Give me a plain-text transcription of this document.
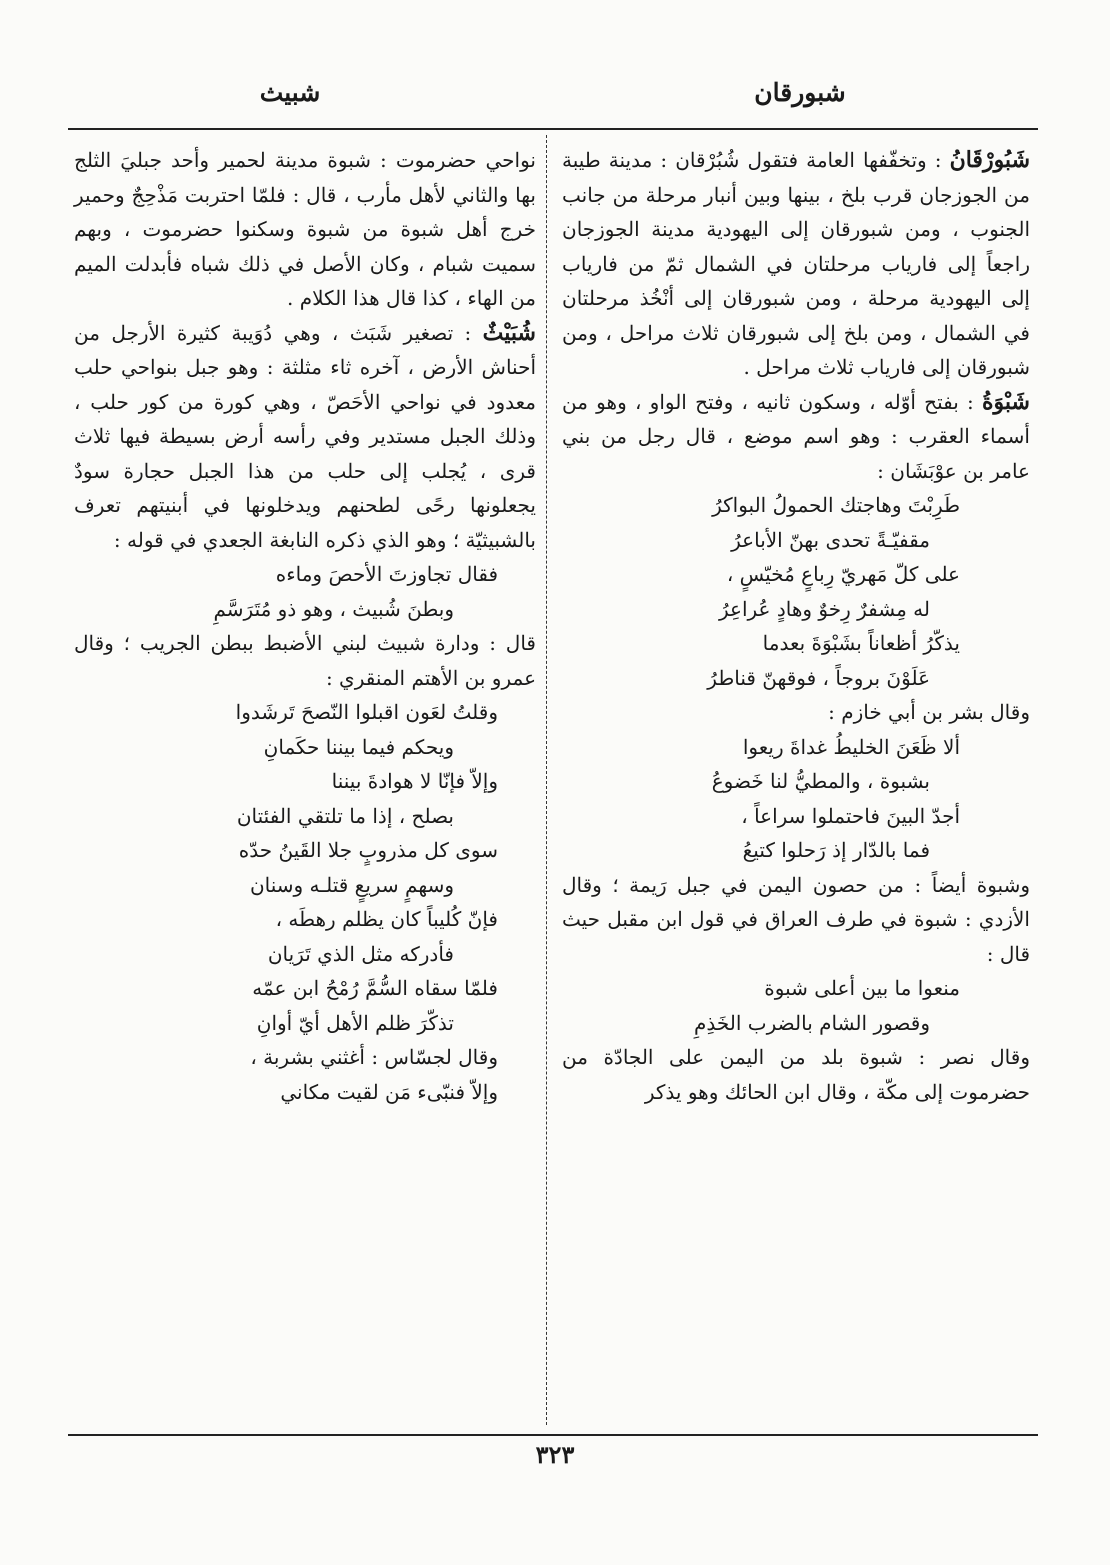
شبورقان
شبيث

شَبُورْقَانُ : وتخفّفها العامة فتقول شُبُرْقان : مدينة طيبة من الجوزجان قرب بلخ ، بينها وبين أنبار مرحلة من جانب الجنوب ، ومن شبورقان إلى اليهودية مدينة الجوزجان راجعاً إلى فارياب مرحلتان في الشمال ثمّ من فارياب إلى اليهودية مرحلة ، ومن شبورقان إلى أنْخُذ مرحلتان في الشمال ، ومن بلخ إلى شبورقان ثلاث مراحل ، ومن شبورقان إلى فارياب ثلاث مراحل .

شَبْوَةُ : بفتح أوّله ، وسكون ثانيه ، وفتح الواو ، وهو من أسماء العقرب : وهو اسم موضع ، قال رجل من بني عامر بن عوْبَشَان :

طَرِبْتَ وهاجتك الحمولُ البواكرُ
مقفيّـةً تحدى بهنّ الأباعرُ
على كلّ مَهريّ رِباعٍ مُخيّسٍ ،
له مِشفرٌ رِخوٌ وهادٍ عُراعِرُ
يذكّرُ أظعاناً بشَبْوَةَ بعدما
عَلَوْنَ بروجاً ، فوقهنّ قناطرُ

وقال بشر بن أبي خازم :

ألا ظَعَنَ الخليطُ غداةَ ريعوا
بشبوة ، والمطيُّ لنا خَضوعُ
أجدّ البينَ فاحتملوا سراعاً ،
فما بالدّار إذ رَحلوا كتيعُ

وشبوة أيضاً : من حصون اليمن في جبل رَيمة ؛ وقال الأزدي : شبوة في طرف العراق في قول ابن مقبل حيث قال :

منعوا ما بين أعلى شبوة
وقصور الشام بالضرب الخَذِمِ

وقال نصر : شبوة بلد من اليمن على الجادّة من حضرموت إلى مكّة ، وقال ابن الحائك وهو يذكر

نواحي حضرموت : شبوة مدينة لحمير وأحد جبليَ الثلج بها والثاني لأهل مأرب ، قال : فلمّا احتربت مَذْحِجٌ وحمير خرج أهل شبوة من شبوة وسكنوا حضرموت ، وبهم سميت شبام ، وكان الأصل في ذلك شباه فأبدلت الميم من الهاء ، كذا قال هذا الكلام .

شُبَيْثٌ : تصغير شَبَث ، وهي دُوَيبة كثيرة الأرجل من أحناش الأرض ، آخره ثاء مثلثة : وهو جبل بنواحي حلب معدود في نواحي الأحَصّ ، وهي كورة من كور حلب ، وذلك الجبل مستدير وفي رأسه أرض بسيطة فيها ثلاث قرى ، يُجلب إلى حلب من هذا الجبل حجارة سودٌ يجعلونها رحًى لطحنهم ويدخلونها في أبنيتهم تعرف بالشبيثيّة ؛ وهو الذي ذكره النابغة الجعدي في قوله :

فقال تجاوزتَ الأحصَ وماءه
وبطنَ شُبيث ، وهو ذو مُتَرَسَّمِ

قال : ودارة شبيث لبني الأضبط ببطن الجريب ؛ وقال عمرو بن الأهتم المنقري :

وقلتُ لعَون اقبلوا النّصحَ تَرشَدوا
ويحكم فيما بيننا حكَمانِ
وإلاّ فإنّا لا هوادةَ بيننا
بصلح ، إذا ما تلتقي الفئتان
سوى كل مذروبٍ جلا القَينُ حدّه
وسهمٍ سريعٍ قتلـه وسنان
فإنّ كُليباً كان يظلم رهطَه ،
فأدركه مثل الذي تَرَيان
فلمّا سقاه السُّمَّ رُمْحُ ابن عمّه
تذكّرَ ظلم الأهل أيّ أوانِ
وقال لجسّاس : أغثني بشربة ،
وإلاّ فنبّىء مَن لقيت مكاني
٣٢٣
